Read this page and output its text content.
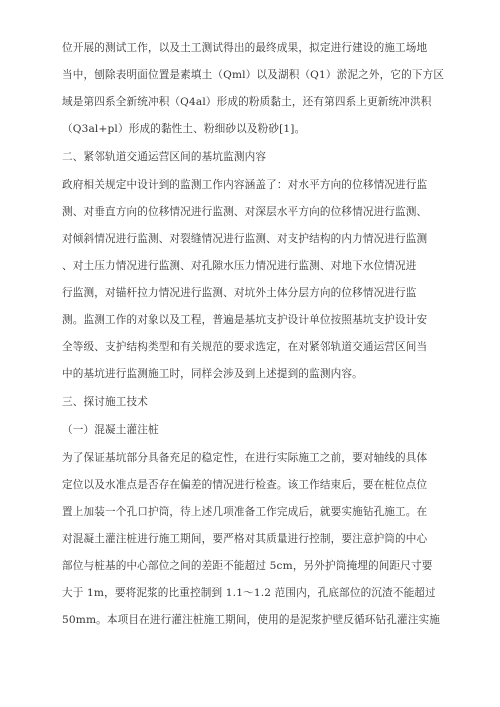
位开展的测试工作，以及土工测试得出的最终成果，拟定进行建设的施工场地
当中，刨除表明面位置是素填土（Qml）以及湖积（Q1）淤泥之外，它的下方区
域是第四系全新统冲积（Q4al）形成的粉质黏土，还有第四系上更新统冲洪积
（Q3al+pl）形成的黏性土、粉细砂以及粉砂[1]。
二、紧邻轨道交通运营区间的基坑监测内容
政府相关规定中设计到的监测工作内容涵盖了：对水平方向的位移情况进行监
测、对垂直方向的位移情况进行监测、对深层水平方向的位移情况进行监测、
对倾斜情况进行监测、对裂缝情况进行监测、对支护结构的内力情况进行监测
、对土压力情况进行监测、对孔隙水压力情况进行监测、对地下水位情况进
行监测，对锚杆拉力情况进行监测、对坑外土体分层方向的位移情况进行监
测。监测工作的对象以及工程，普遍是基坑支护设计单位按照基坑支护设计安
全等级、支护结构类型和有关规范的要求选定，在对紧邻轨道交通运营区间当
中的基坑进行监测施工时，同样会涉及到上述提到的监测内容。
三、探讨施工技术
（一）混凝土灌注桩
为了保证基坑部分具备充足的稳定性，在进行实际施工之前，要对轴线的具体
定位以及水准点是否存在偏差的情况进行检查。该工作结束后，要在桩位点位
置上加装一个孔口护筒，待上述几项准备工作完成后，就要实施钻孔施工。在
对混凝土灌注桩进行施工期间，要严格对其质量进行控制，要注意护筒的中心
部位与桩基的中心部位之间的差距不能超过 5cm，另外护筒掩埋的间距尺寸要
大于 1m，要将泥浆的比重控制到 1.1～1.2 范围内，孔底部位的沉渣不能超过
50mm。本项目在进行灌注桩施工期间，使用的是泥浆护壁反循环钻孔灌注实施
